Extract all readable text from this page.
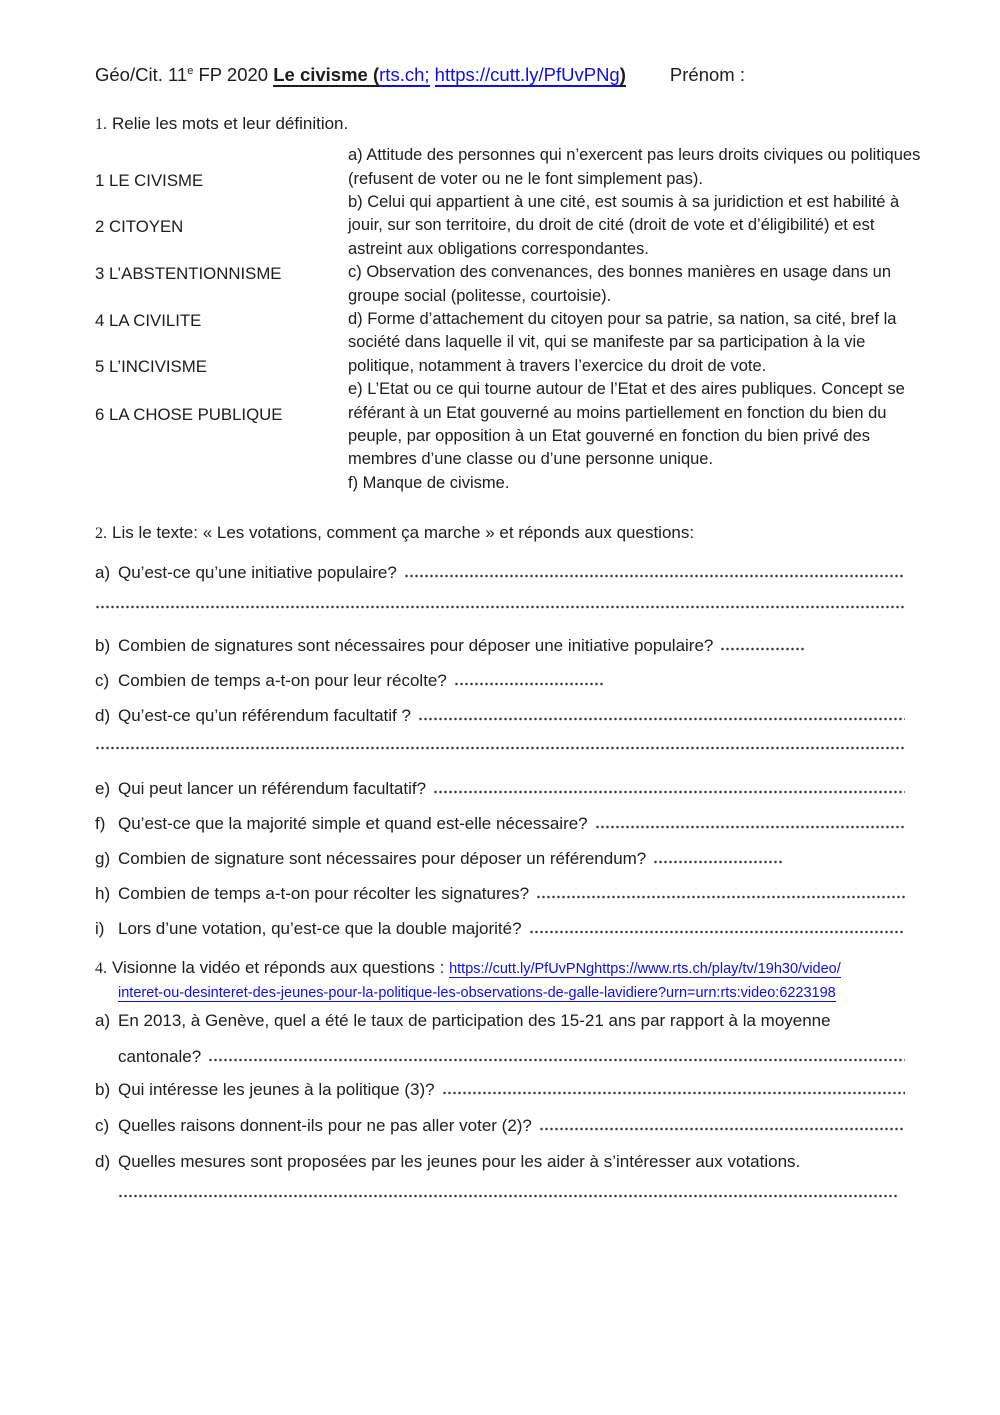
Géo/Cit. 11e FP 2020 Le civisme (rts.ch; https://cutt.ly/PfUvPNg) Prénom :
1. Relie les mots et leur définition.
1 LE CIVISME
2 CITOYEN
3 L’ABSTENTIONNISME
4 LA CIVILITE
5 L’INCIVISME
6 LA CHOSE PUBLIQUE

a) Attitude des personnes qui n’exercent pas leurs droits civiques ou politiques (refusent de voter ou ne le font simplement pas).

b) Celui qui appartient à une cité, est soumis à sa juridiction et est habilité à jouir, sur son territoire, du droit de cité (droit de vote et d’éligibilité) et est astreint aux obligations correspondantes.

c) Observation des convenances, des bonnes manières en usage dans un groupe social (politesse, courtoisie).

d) Forme d’attachement du citoyen pour sa patrie, sa nation, sa cité, bref la société dans laquelle il vit, qui se manifeste par sa participation à la vie politique, notamment à travers l’exercice du droit de vote.

e) L’Etat ou ce qui tourne autour de l’Etat et des aires publiques. Concept se référant à un Etat gouverné au moins partiellement en fonction du bien du peuple, par opposition à un Etat gouverné en fonction du bien privé des membres d’une classe ou d’une personne unique.

f) Manque de civisme.

2. Lis le texte: « Les votations, comment ça marche » et réponds aux questions:
a) Qu’est-ce qu’une initiative populaire?
b) Combien de signatures sont nécessaires pour déposer une initiative populaire?
c) Combien de temps a-t-on pour leur récolte?
d) Qu’est-ce qu’un référendum facultatif ?
e) Qui peut lancer un référendum facultatif?
f) Qu’est-ce que la majorité simple et quand est-elle nécessaire?
g) Combien de signature sont nécessaires pour déposer un référendum?
h) Combien de temps a-t-on pour récolter les signatures?
i) Lors d’une votation, qu’est-ce que la double majorité?
4. Visionne la vidéo et réponds aux questions : https://cutt.ly/PfUvPNghttps://www.rts.ch/play/tv/19h30/video/
interet-ou-desinteret-des-jeunes-pour-la-politique-les-observations-de-galle-lavidiere?urn=urn:rts:video:6223198
a) En 2013, à Genève, quel a été le taux de participation des 15-21 ans par rapport à la moyenne
cantonale?
b) Qui intéresse les jeunes à la politique (3)?
c) Quelles raisons donnent-ils pour ne pas aller voter (2)?
d) Quelles mesures sont proposées par les jeunes pour les aider à s’intéresser aux votations.
